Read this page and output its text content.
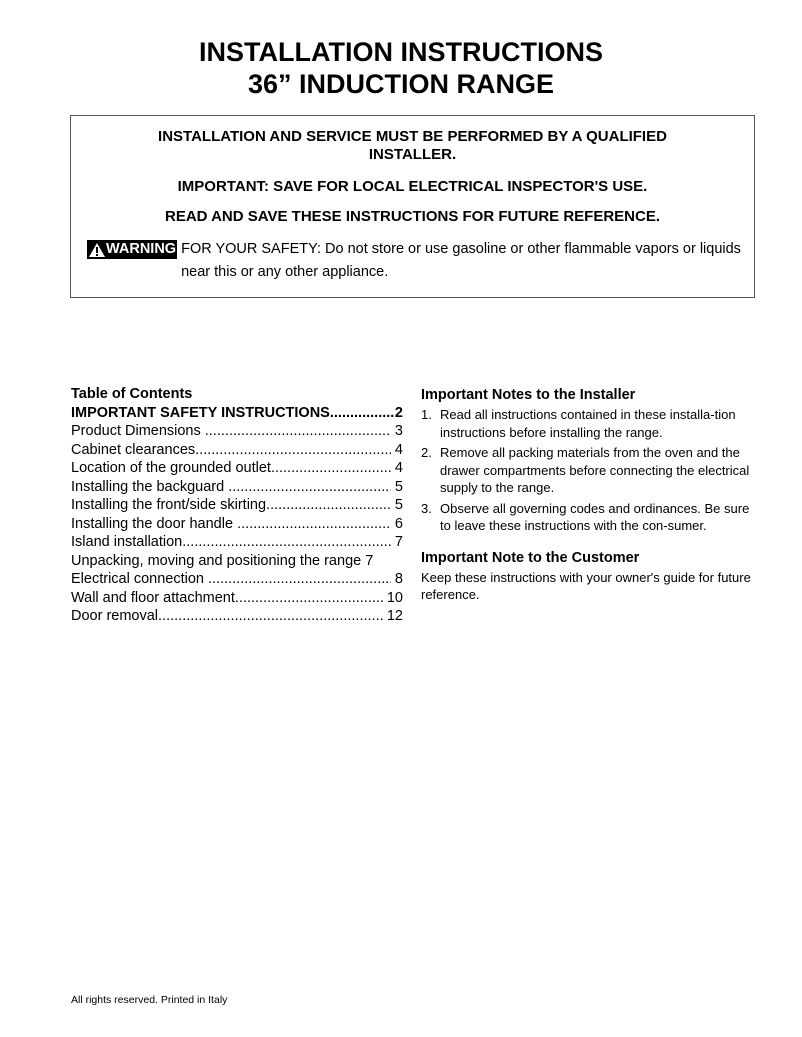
INSTALLATION INSTRUCTIONS
36” INDUCTION RANGE
INSTALLATION AND SERVICE MUST BE PERFORMED BY A QUALIFIED
INSTALLER.
IMPORTANT: SAVE FOR LOCAL ELECTRICAL INSPECTOR'S USE.
READ AND SAVE THESE INSTRUCTIONS FOR FUTURE REFERENCE.
WARNING FOR YOUR SAFETY: Do not store or use gasoline or other flammable vapors or liquids near this or any other appliance.
Table of Contents
IMPORTANT SAFETY INSTRUCTIONS .....	2
Product Dimensions .....	3
Cabinet clearances .....	4
Location of the grounded outlet .....	4
Installing the backguard .....	5
Installing the front/side skirting .....	5
Installing the door handle .....	6
Island installation .....	7
Unpacking, moving and positioning the range 7
Electrical connection .....	8
Wall and floor attachment .....	10
Door removal .....	12
Important Notes to the Installer
1. Read all instructions contained in these installa-tion instructions before installing the range.
2. Remove all packing materials from the oven and the drawer compartments before connecting the electrical supply to the range.
3. Observe all governing codes and ordinances. Be sure to leave these instructions with the con-sumer.
Important Note to the Customer
Keep these instructions with your owner's guide for future reference.
All rights reserved. Printed in Italy
